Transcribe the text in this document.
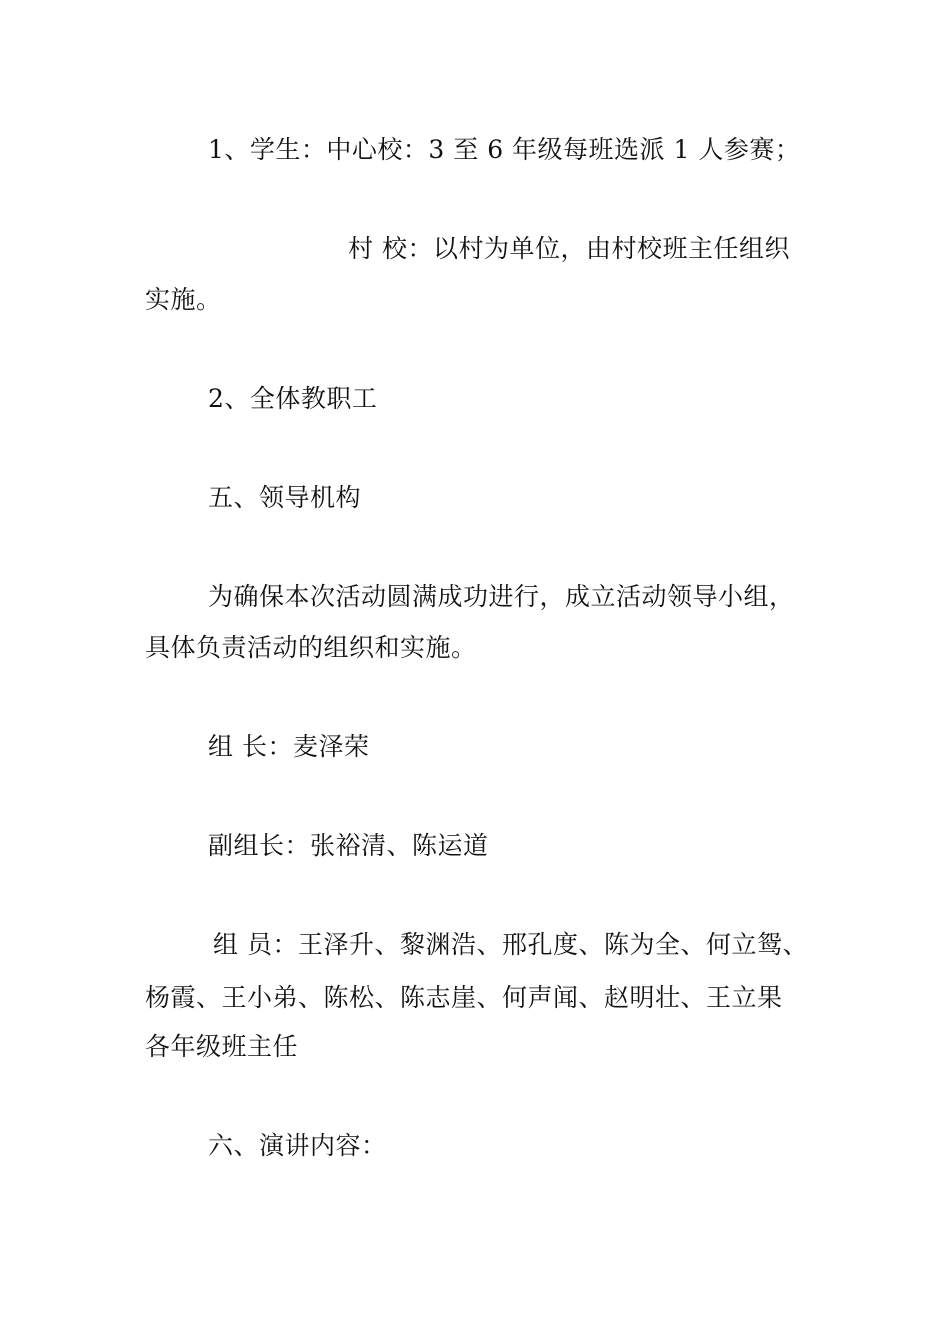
1、学生：中心校：3 至 6 年级每班选派 1 人参赛；
村 校：以村为单位，由村校班主任组织
实施。
2、全体教职工
五、领导机构
为确保本次活动圆满成功进行，成立活动领导小组，
具体负责活动的组织和实施。
组 长：麦泽荣
副组长：张裕清、陈运道
组 员：王泽升、黎渊浩、邢孔度、陈为全、何立鸳、
杨霞、王小弟、陈松、陈志崖、何声闻、赵明壮、王立果
各年级班主任
六、演讲内容：
